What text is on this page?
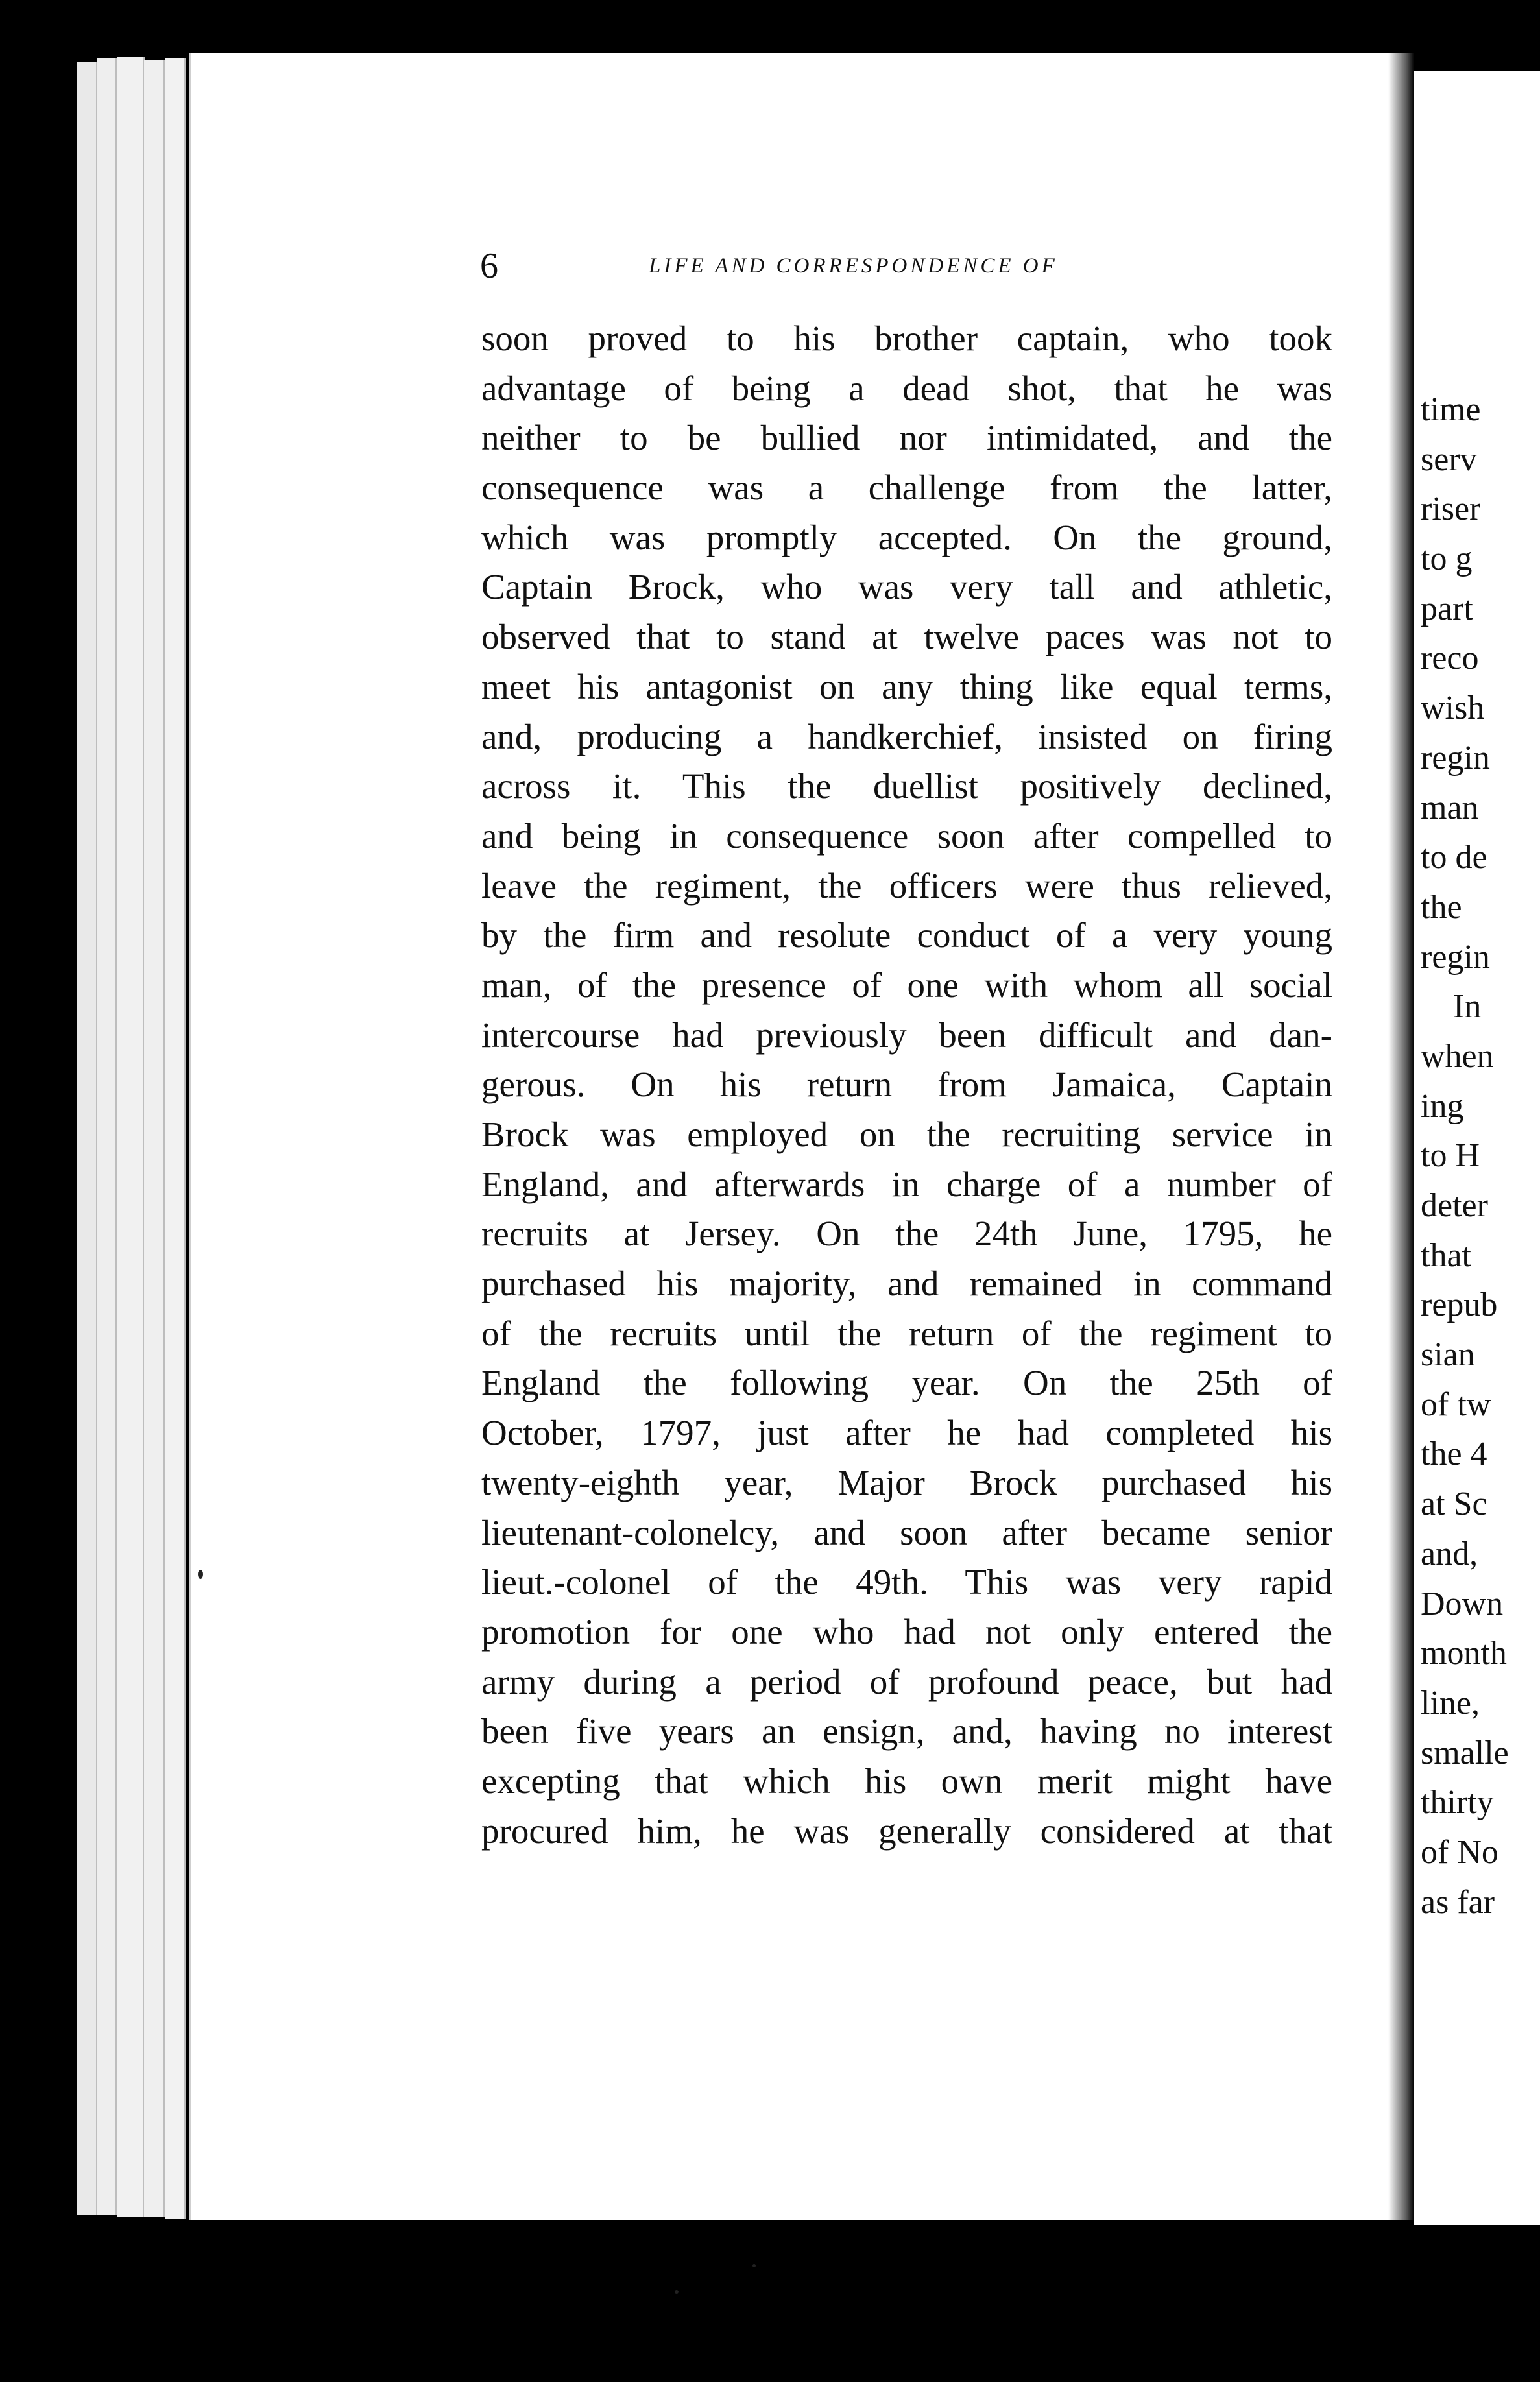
time
serv
riser
to g
part
reco
wish
regin
man
to de
the
regin
In
when
ing
to H
deter
that
repub
sian
of tw
the 4
at Sc
and,
Down
month
line,
smalle
thirty
of No
as far
6	LIFE AND CORRESPONDENCE OF
soon proved to his brother captain, who took
advantage of being a dead shot, that he was
neither to be bullied nor intimidated, and the
consequence was a challenge from the latter,
which was promptly accepted. On the ground,
Captain Brock, who was very tall and athletic,
observed that to stand at twelve paces was not to
meet his antagonist on any thing like equal terms,
and, producing a handkerchief, insisted on firing
across it. This the duellist positively declined,
and being in consequence soon after compelled to
leave the regiment, the officers were thus relieved,
by the firm and resolute conduct of a very young
man, of the presence of one with whom all social
intercourse had previously been difficult and dan-
gerous. On his return from Jamaica, Captain
Brock was employed on the recruiting service in
England, and afterwards in charge of a number of
recruits at Jersey. On the 24th June, 1795, he
purchased his majority, and remained in command
of the recruits until the return of the regiment to
England the following year. On the 25th of
October, 1797, just after he had completed his
twenty-eighth year, Major Brock purchased his
lieutenant-colonelcy, and soon after became senior
lieut.-colonel of the 49th. This was very rapid
promotion for one who had not only entered the
army during a period of profound peace, but had
been five years an ensign, and, having no interest
excepting that which his own merit might have
procured him, he was generally considered at that
